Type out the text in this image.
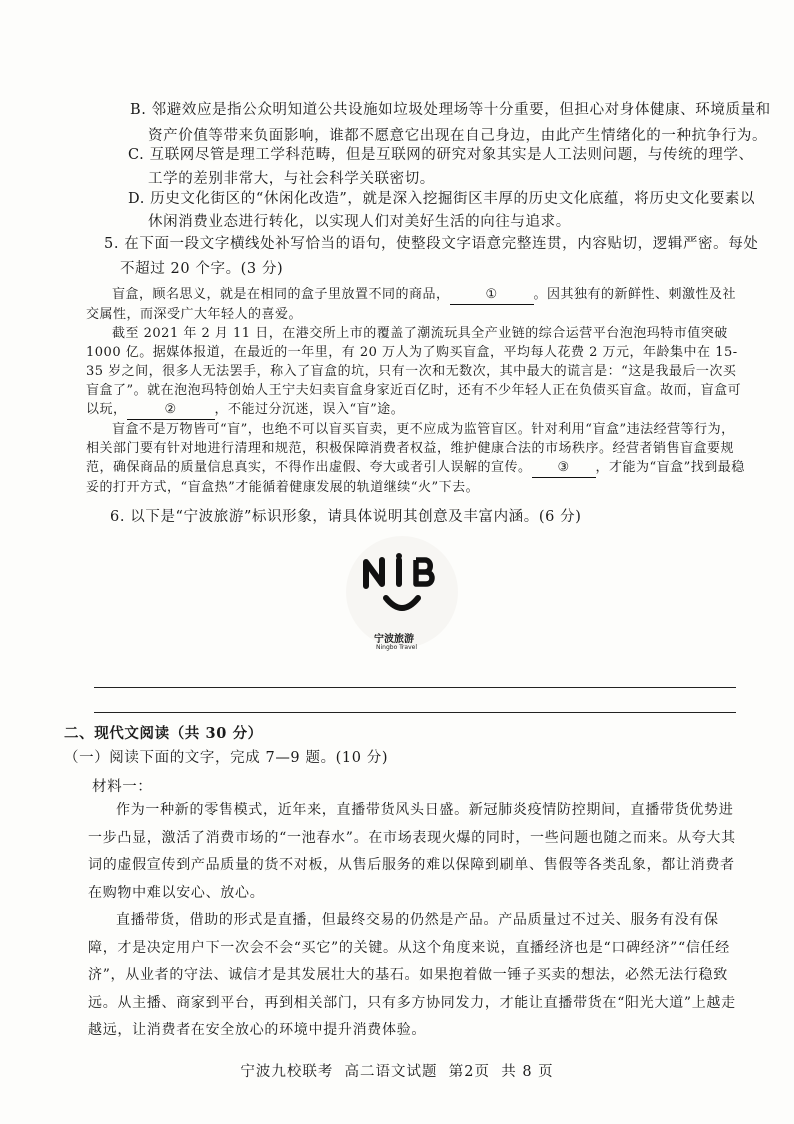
B. 邻避效应是指公众明知道公共设施如垃圾处理场等十分重要，但担心对身体健康、环境质量和
资产价值等带来负面影响，谁都不愿意它出现在自己身边，由此产生情绪化的一种抗争行为。
C. 互联网尽管是理工学科范畴，但是互联网的研究对象其实是人工法则问题，与传统的理学、
工学的差别非常大，与社会科学关联密切。
D. 历史文化街区的“休闲化改造”，就是深入挖掘街区丰厚的历史文化底蕴，将历史文化要素以
休闲消费业态进行转化，以实现人们对美好生活的向往与追求。
5. 在下面一段文字横线处补写恰当的语句，使整段文字语意完整连贯，内容贴切，逻辑严密。每处
不超过 20 个字。(3 分)

盲盒，顾名思义，就是在相同的盒子里放置不同的商品，	①	。因其独有的新鲜性、刺激性及社交属性，而深受广大年轻人的喜爱。

截至 2021 年 2 月 11 日，在港交所上市的覆盖了潮流玩具全产业链的综合运营平台泡泡玛特市值突破 1000 亿。据媒体报道，在最近的一年里，有 20 万人为了购买盲盒，平均每人花费 2 万元，年龄集中在 15-35 岁之间，很多人无法罢手，称入了盲盒的坑，只有一次和无数次，其中最大的谎言是：“这是我最后一次买盲盒了”。就在泡泡玛特创始人王宁夫妇卖盲盒身家近百亿时，还有不少年轻人正在负债买盲盒。故而，盲盒可以玩，	②	，不能过分沉迷，误入“盲”途。

盲盒不是万物皆可“盲”，也绝不可以盲买盲卖，更不应成为监管盲区。针对利用“盲盒”违法经营等行为，相关部门要有针对地进行清理和规范，积极保障消费者权益，维护健康合法的市场秩序。经营者销售盲盒要规范，确保商品的质量信息真实，不得作出虚假、夸大或者引人误解的宣传。 ③ ，才能为“盲盒”找到最稳妥的打开方式，“盲盒热”才能循着健康发展的轨道继续“火”下去。

6. 以下是“宁波旅游”标识形象，请具体说明其创意及丰富内涵。(6 分)
宁波旅游
Ningbo Travel
二、现代文阅读（共 30 分）
（一）阅读下面的文字，完成 7—9 题。(10 分)
材料一：

作为一种新的零售模式，近年来，直播带货风头日盛。新冠肺炎疫情防控期间，直播带货优势进一步凸显，激活了消费市场的“一池春水”。在市场表现火爆的同时，一些问题也随之而来。从夸大其词的虚假宣传到产品质量的货不对板，从售后服务的难以保障到刷单、售假等各类乱象，都让消费者在购物中难以安心、放心。

直播带货，借助的形式是直播，但最终交易的仍然是产品。产品质量过不过关、服务有没有保障，才是决定用户下一次会不会“买它”的关键。从这个角度来说，直播经济也是“口碑经济”“信任经济”，从业者的守法、诚信才是其发展壮大的基石。如果抱着做一锤子买卖的想法，必然无法行稳致远。从主播、商家到平台，再到相关部门，只有多方协同发力，才能让直播带货在“阳光大道”上越走越远，让消费者在安全放心的环境中提升消费体验。

宁波九校联考  高二语文试题  第2页  共 8 页
